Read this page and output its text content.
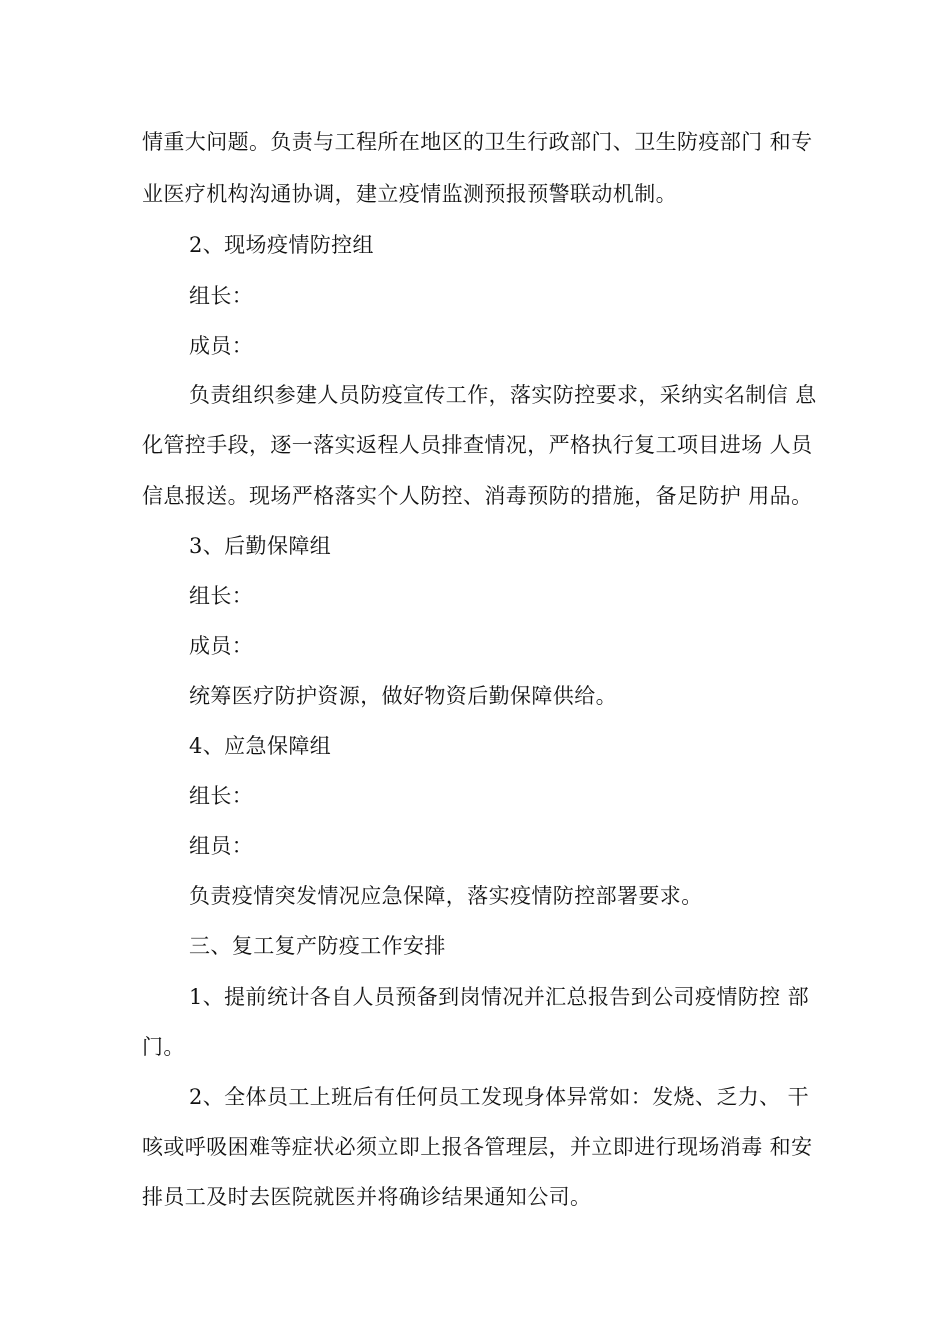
情重大问题。负责与工程所在地区的卫生行政部门、卫生防疫部门 和专
业医疗机构沟通协调，建立疫情监测预报预警联动机制。
2、现场疫情防控组
组长：
成员：
负责组织参建人员防疫宣传工作，落实防控要求，采纳实名制信 息
化管控手段，逐一落实返程人员排查情况，严格执行复工项目进场 人员
信息报送。现场严格落实个人防控、消毒预防的措施，备足防护 用品。
3、后勤保障组
组长：
成员：
统筹医疗防护资源，做好物资后勤保障供给。
4、应急保障组
组长：
组员：
负责疫情突发情况应急保障，落实疫情防控部署要求。
三、复工复产防疫工作安排
1、提前统计各自人员预备到岗情况并汇总报告到公司疫情防控 部
门。
2、全体员工上班后有任何员工发现身体异常如：发烧、乏力、 干
咳或呼吸困难等症状必须立即上报各管理层，并立即进行现场消毒 和安
排员工及时去医院就医并将确诊结果通知公司。
